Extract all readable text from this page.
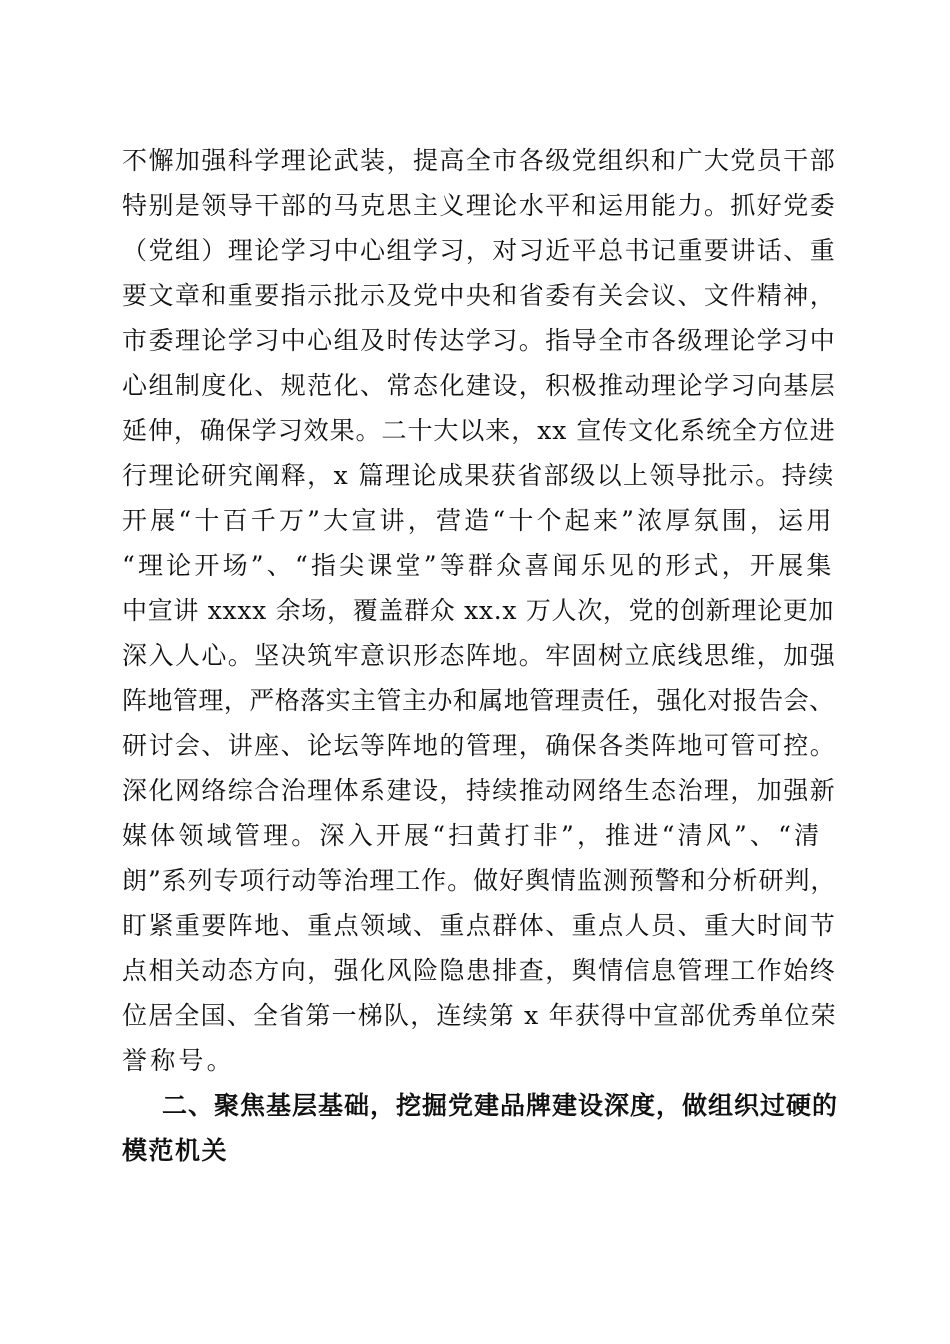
不懈加强科学理论武装，提高全市各级党组织和广大党员干部
特别是领导干部的马克思主义理论水平和运用能力。抓好党委
（党组）理论学习中心组学习，对习近平总书记重要讲话、重
要文章和重要指示批示及党中央和省委有关会议、文件精神，
市委理论学习中心组及时传达学习。指导全市各级理论学习中
心组制度化、规范化、常态化建设，积极推动理论学习向基层
延伸，确保学习效果。二十大以来，xx 宣传文化系统全方位进
行理论研究阐释，x 篇理论成果获省部级以上领导批示。持续
开展“十百千万”大宣讲，营造“十个起来”浓厚氛围，运用
“理论开场”、“指尖课堂”等群众喜闻乐见的形式，开展集
中宣讲 xxxx 余场，覆盖群众 xx.x 万人次，党的创新理论更加
深入人心。坚决筑牢意识形态阵地。牢固树立底线思维，加强
阵地管理，严格落实主管主办和属地管理责任，强化对报告会、
研讨会、讲座、论坛等阵地的管理，确保各类阵地可管可控。
深化网络综合治理体系建设，持续推动网络生态治理，加强新
媒体领域管理。深入开展“扫黄打非”，推进“清风”、“清
朗”系列专项行动等治理工作。做好舆情监测预警和分析研判，
盯紧重要阵地、重点领域、重点群体、重点人员、重大时间节
点相关动态方向，强化风险隐患排查，舆情信息管理工作始终
位居全国、全省第一梯队，连续第 x 年获得中宣部优秀单位荣
誉称号。
二、聚焦基层基础，挖掘党建品牌建设深度，做组织过硬的
模范机关
